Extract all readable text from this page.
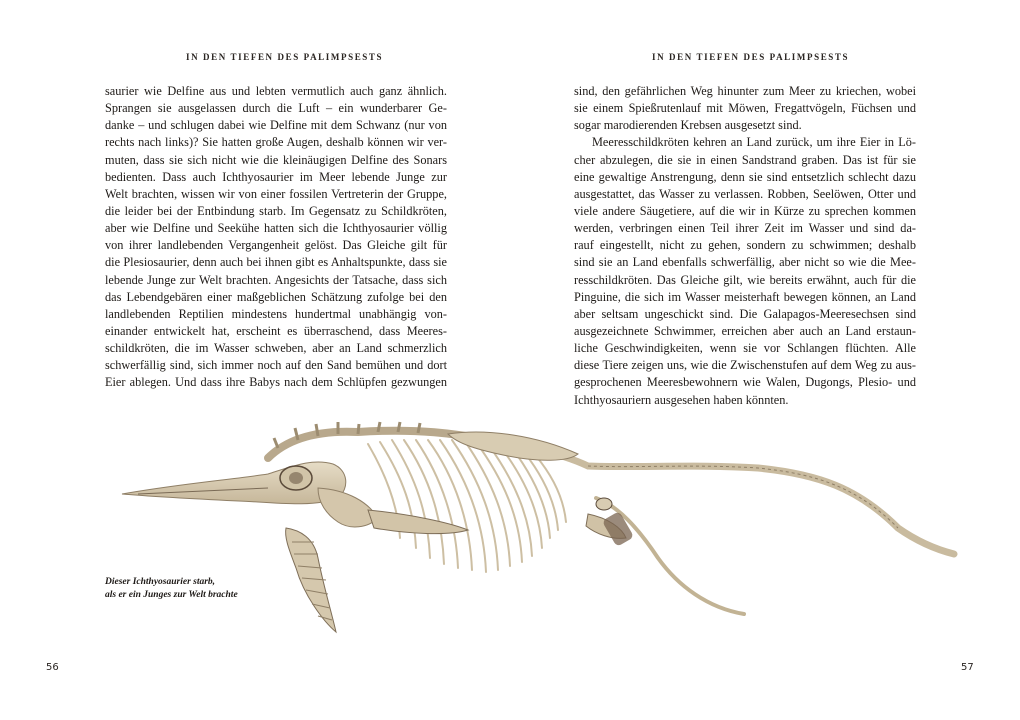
IN DEN TIEFEN DES PALIMPSESTS
saurier wie Delfine aus und lebten vermutlich auch ganz ähnlich.
Sprangen sie ausgelassen durch die Luft – ein wunderbarer Ge-
danke – und schlugen dabei wie Delfine mit dem Schwanz (nur von
rechts nach links)? Sie hatten große Augen, deshalb können wir ver-
muten, dass sie sich nicht wie die kleinäugigen Delfine des Sonars
bedienten. Dass auch Ichthyosaurier im Meer lebende Junge zur
Welt brachten, wissen wir von einer fossilen Vertreterin der Gruppe,
die leider bei der Entbindung starb. Im Gegensatz zu Schildkröten,
aber wie Delfine und Seekühe hatten sich die Ichthyosaurier völlig
von ihrer landlebenden Vergangenheit gelöst. Das Gleiche gilt für
die Plesiosaurier, denn auch bei ihnen gibt es Anhaltspunkte, dass sie
lebende Junge zur Welt brachten. Angesichts der Tatsache, dass sich
das Lebendgebären einer maßgeblichen Schätzung zufolge bei den
landlebenden Reptilien mindestens hundertmal unabhängig von-
einander entwickelt hat, erscheint es überraschend, dass Meeres-
schildkröten, die im Wasser schweben, aber an Land schmerzlich
schwerfällig sind, sich immer noch auf den Sand bemühen und dort
Eier ablegen. Und dass ihre Babys nach dem Schlüpfen gezwungen
Dieser Ichthyosaurier starb,
als er ein Junges zur Welt brachte
56
IN DEN TIEFEN DES PALIMPSESTS
sind, den gefährlichen Weg hinunter zum Meer zu kriechen, wobei
sie einem Spießrutenlauf mit Möwen, Fregattvögeln, Füchsen und
sogar marodierenden Krebsen ausgesetzt sind.
Meeresschildkröten kehren an Land zurück, um ihre Eier in Lö-
cher abzulegen, die sie in einen Sandstrand graben. Das ist für sie
eine gewaltige Anstrengung, denn sie sind entsetzlich schlecht dazu
ausgestattet, das Wasser zu verlassen. Robben, Seelöwen, Otter und
viele andere Säugetiere, auf die wir in Kürze zu sprechen kommen
werden, verbringen einen Teil ihrer Zeit im Wasser und sind da-
rauf eingestellt, nicht zu gehen, sondern zu schwimmen; deshalb
sind sie an Land ebenfalls schwerfällig, aber nicht so wie die Mee-
resschildkröten. Das Gleiche gilt, wie bereits erwähnt, auch für die
Pinguine, die sich im Wasser meisterhaft bewegen können, an Land
aber seltsam ungeschickt sind. Die Galapagos-Meeresechsen sind
ausgezeichnete Schwimmer, erreichen aber auch an Land erstaun-
liche Geschwindigkeiten, wenn sie vor Schlangen flüchten. Alle
diese Tiere zeigen uns, wie die Zwischenstufen auf dem Weg zu aus-
gesprochenen Meeresbewohnern wie Walen, Dugongs, Plesio- und
Ichthyosauriern ausgesehen haben könnten.
57
